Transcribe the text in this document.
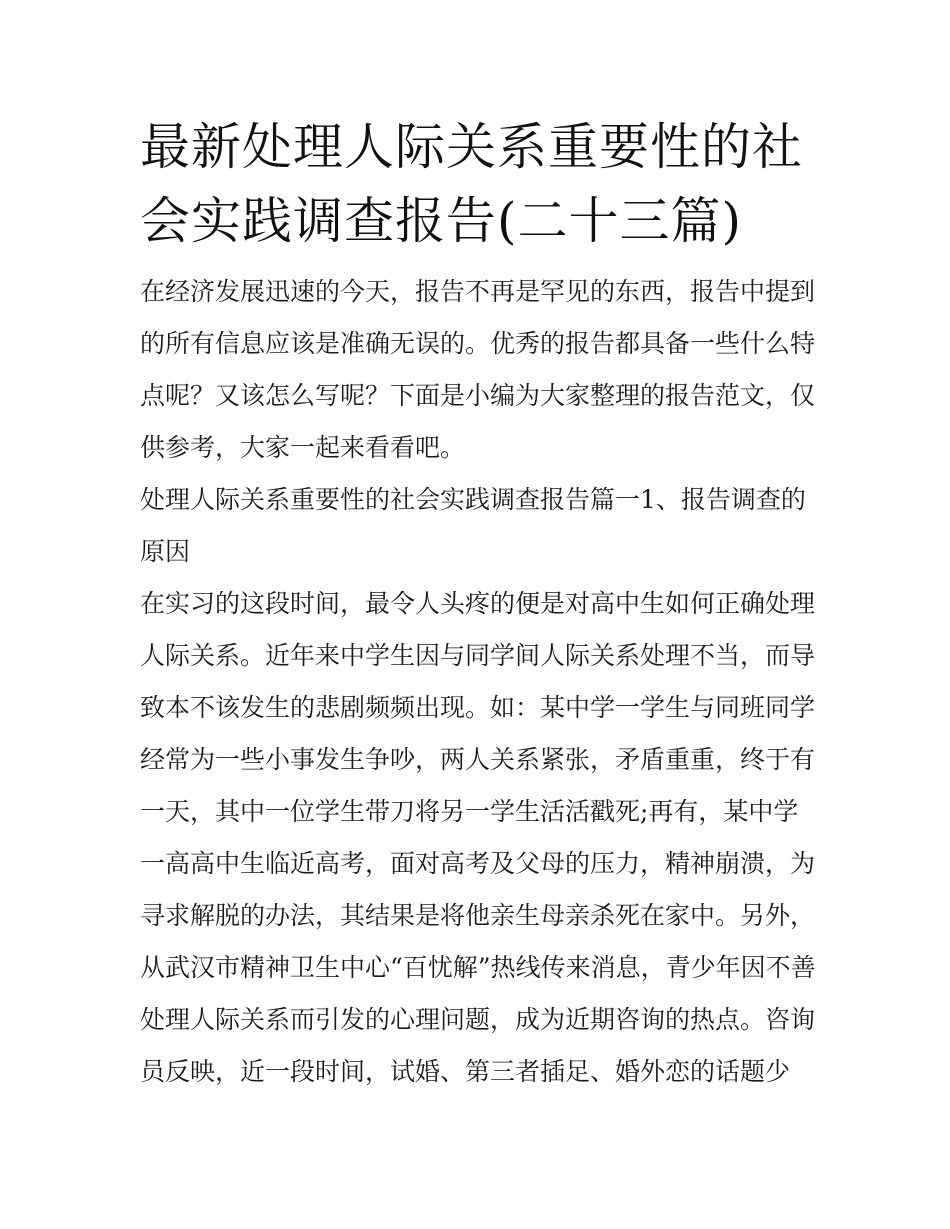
最新处理人际关系重要性的社会实践调查报告(二十三篇)

在经济发展迅速的今天，报告不再是罕见的东西，报告中提到的所有信息应该是准确无误的。优秀的报告都具备一些什么特点呢？又该怎么写呢？下面是小编为大家整理的报告范文，仅供参考，大家一起来看看吧。

处理人际关系重要性的社会实践调查报告篇一1、报告调查的原因

在实习的这段时间，最令人头疼的便是对高中生如何正确处理人际关系。近年来中学生因与同学间人际关系处理不当，而导致本不该发生的悲剧频频出现。如：某中学一学生与同班同学经常为一些小事发生争吵，两人关系紧张，矛盾重重，终于有一天，其中一位学生带刀将另一学生活活戳死;再有，某中学一高高中生临近高考，面对高考及父母的压力，精神崩溃，为寻求解脱的办法，其结果是将他亲生母亲杀死在家中。另外，从武汉市精神卫生中心“百忧解”热线传来消息，青少年因不善处理人际关系而引发的心理问题，成为近期咨询的热点。咨询员反映，近一段时间，试婚、第三者插足、婚外恋的话题少
